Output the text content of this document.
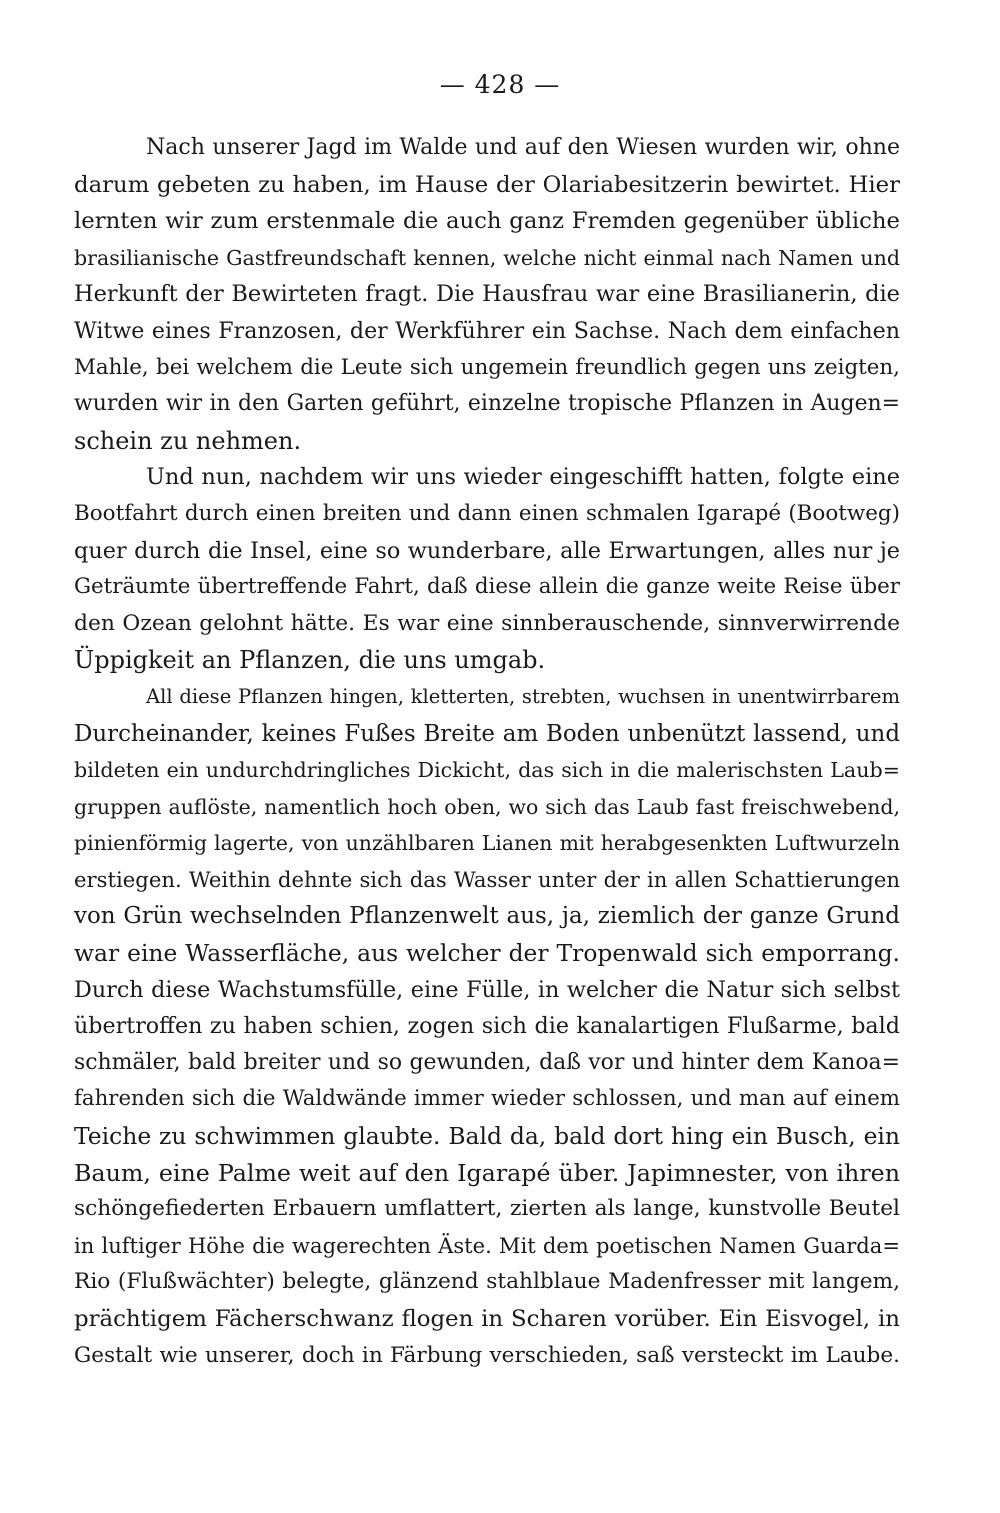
— 428 —
Nach unserer Jagd im Walde und auf den Wiesen wurden wir, ohne
darum gebeten zu haben, im Hause der Olariabesitzerin bewirtet. Hier
lernten wir zum erstenmale die auch ganz Fremden gegenüber übliche
brasilianische Gastfreundschaft kennen, welche nicht einmal nach Namen und
Herkunft der Bewirteten fragt. Die Hausfrau war eine Brasilianerin, die
Witwe eines Franzosen, der Werkführer ein Sachse. Nach dem einfachen
Mahle, bei welchem die Leute sich ungemein freundlich gegen uns zeigten,
wurden wir in den Garten geführt, einzelne tropische Pflanzen in Augen=
schein zu nehmen.
Und nun, nachdem wir uns wieder eingeschifft hatten, folgte eine
Bootfahrt durch einen breiten und dann einen schmalen Igarapé (Bootweg)
quer durch die Insel, eine so wunderbare, alle Erwartungen, alles nur je
Geträumte übertreffende Fahrt, daß diese allein die ganze weite Reise über
den Ozean gelohnt hätte. Es war eine sinnberauschende, sinnverwirrende
Üppigkeit an Pflanzen, die uns umgab.
All diese Pflanzen hingen, kletterten, strebten, wuchsen in unentwirrbarem
Durcheinander, keines Fußes Breite am Boden unbenützt lassend, und
bildeten ein undurchdringliches Dickicht, das sich in die malerischsten Laub=
gruppen auflöste, namentlich hoch oben, wo sich das Laub fast freischwebend,
pinienförmig lagerte, von unzählbaren Lianen mit herabgesenkten Luftwurzeln
erstiegen. Weithin dehnte sich das Wasser unter der in allen Schattierungen
von Grün wechselnden Pflanzenwelt aus, ja, ziemlich der ganze Grund
war eine Wasserfläche, aus welcher der Tropenwald sich emporrang.
Durch diese Wachstumsfülle, eine Fülle, in welcher die Natur sich selbst
übertroffen zu haben schien, zogen sich die kanalartigen Flußarme, bald
schmäler, bald breiter und so gewunden, daß vor und hinter dem Kanoa=
fahrenden sich die Waldwände immer wieder schlossen, und man auf einem
Teiche zu schwimmen glaubte. Bald da, bald dort hing ein Busch, ein
Baum, eine Palme weit auf den Igarapé über. Japimnester, von ihren
schöngefiederten Erbauern umflattert, zierten als lange, kunstvolle Beutel
in luftiger Höhe die wagerechten Äste. Mit dem poetischen Namen Guarda=
Rio (Flußwächter) belegte, glänzend stahlblaue Madenfresser mit langem,
prächtigem Fächerschwanz flogen in Scharen vorüber. Ein Eisvogel, in
Gestalt wie unserer, doch in Färbung verschieden, saß versteckt im Laube.
